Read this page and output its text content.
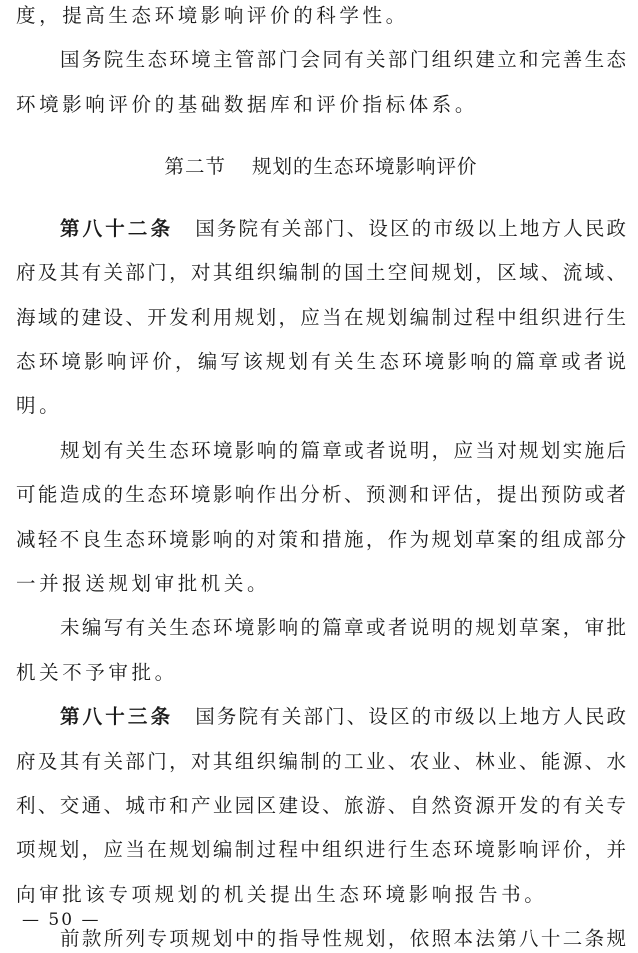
度，提高生态环境影响评价的科学性。
国务院生态环境主管部门会同有关部门组织建立和完善生态
环境影响评价的基础数据库和评价指标体系。
第二节 规划的生态环境影响评价
第八十二条 国务院有关部门、设区的市级以上地方人民政
府及其有关部门，对其组织编制的国土空间规划，区域、流域、
海域的建设、开发利用规划，应当在规划编制过程中组织进行生
态环境影响评价，编写该规划有关生态环境影响的篇章或者说
明。
规划有关生态环境影响的篇章或者说明，应当对规划实施后
可能造成的生态环境影响作出分析、预测和评估，提出预防或者
减轻不良生态环境影响的对策和措施，作为规划草案的组成部分
一并报送规划审批机关。
未编写有关生态环境影响的篇章或者说明的规划草案，审批
机关不予审批。
第八十三条 国务院有关部门、设区的市级以上地方人民政
府及其有关部门，对其组织编制的工业、农业、林业、能源、水
利、交通、城市和产业园区建设、旅游、自然资源开发的有关专
项规划，应当在规划编制过程中组织进行生态环境影响评价，并
向审批该专项规划的机关提出生态环境影响报告书。
前款所列专项规划中的指导性规划，依照本法第八十二条规
— 50 —
